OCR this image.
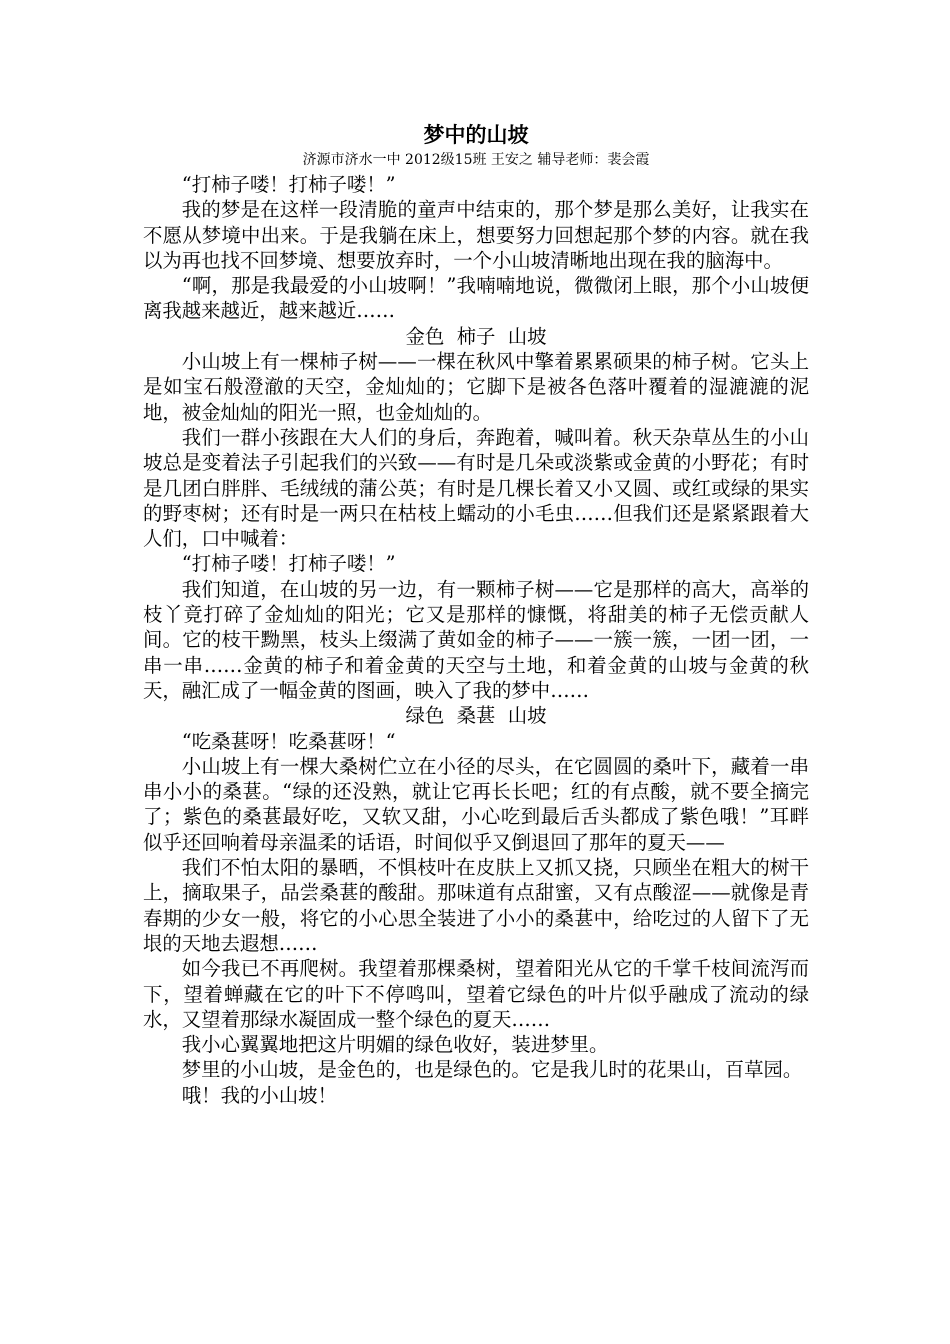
梦中的山坡

济源市济水一中 2012级15班 王安之 辅导老师：裴会霞

“打柿子喽！打柿子喽！”

我的梦是在这样一段清脆的童声中结束的，那个梦是那么美好，让我实在不愿从梦境中出来。于是我躺在床上，想要努力回想起那个梦的内容。就在我以为再也找不回梦境、想要放弃时，一个小山坡清晰地出现在我的脑海中。

“啊，那是我最爱的小山坡啊！”我喃喃地说，微微闭上眼，那个小山坡便离我越来越近，越来越近……

金色  柿子  山坡

小山坡上有一棵柿子树——一棵在秋风中擎着累累硕果的柿子树。它头上是如宝石般澄澈的天空，金灿灿的；它脚下是被各色落叶覆着的湿漉漉的泥地，被金灿灿的阳光一照，也金灿灿的。

我们一群小孩跟在大人们的身后，奔跑着，喊叫着。秋天杂草丛生的小山坡总是变着法子引起我们的兴致——有时是几朵或淡紫或金黄的小野花；有时是几团白胖胖、毛绒绒的蒲公英；有时是几棵长着又小又圆、或红或绿的果实的野枣树；还有时是一两只在枯枝上蠕动的小毛虫……但我们还是紧紧跟着大人们，口中喊着：

“打柿子喽！打柿子喽！”

我们知道，在山坡的另一边，有一颗柿子树——它是那样的高大，高举的枝丫竟打碎了金灿灿的阳光；它又是那样的慷慨，将甜美的柿子无偿贡献人间。它的枝干黝黑，枝头上缀满了黄如金的柿子——一簇一簇，一团一团，一串一串……金黄的柿子和着金黄的天空与土地，和着金黄的山坡与金黄的秋天，融汇成了一幅金黄的图画，映入了我的梦中……

绿色  桑葚  山坡

“吃桑葚呀！吃桑葚呀！“

小山坡上有一棵大桑树伫立在小径的尽头，在它圆圆的桑叶下，藏着一串串小小的桑葚。“绿的还没熟，就让它再长长吧；红的有点酸，就不要全摘完了；紫色的桑葚最好吃，又软又甜，小心吃到最后舌头都成了紫色哦！”耳畔似乎还回响着母亲温柔的话语，时间似乎又倒退回了那年的夏天——

我们不怕太阳的暴晒，不惧枝叶在皮肤上又抓又挠，只顾坐在粗大的树干上，摘取果子，品尝桑葚的酸甜。那味道有点甜蜜，又有点酸涩——就像是青春期的少女一般，将它的小心思全装进了小小的桑葚中，给吃过的人留下了无垠的天地去遐想……

如今我已不再爬树。我望着那棵桑树，望着阳光从它的千掌千枝间流泻而下，望着蝉藏在它的叶下不停鸣叫，望着它绿色的叶片似乎融成了流动的绿水，又望着那绿水凝固成一整个绿色的夏天……

我小心翼翼地把这片明媚的绿色收好，装进梦里。

梦里的小山坡，是金色的，也是绿色的。它是我儿时的花果山，百草园。

哦！我的小山坡！
